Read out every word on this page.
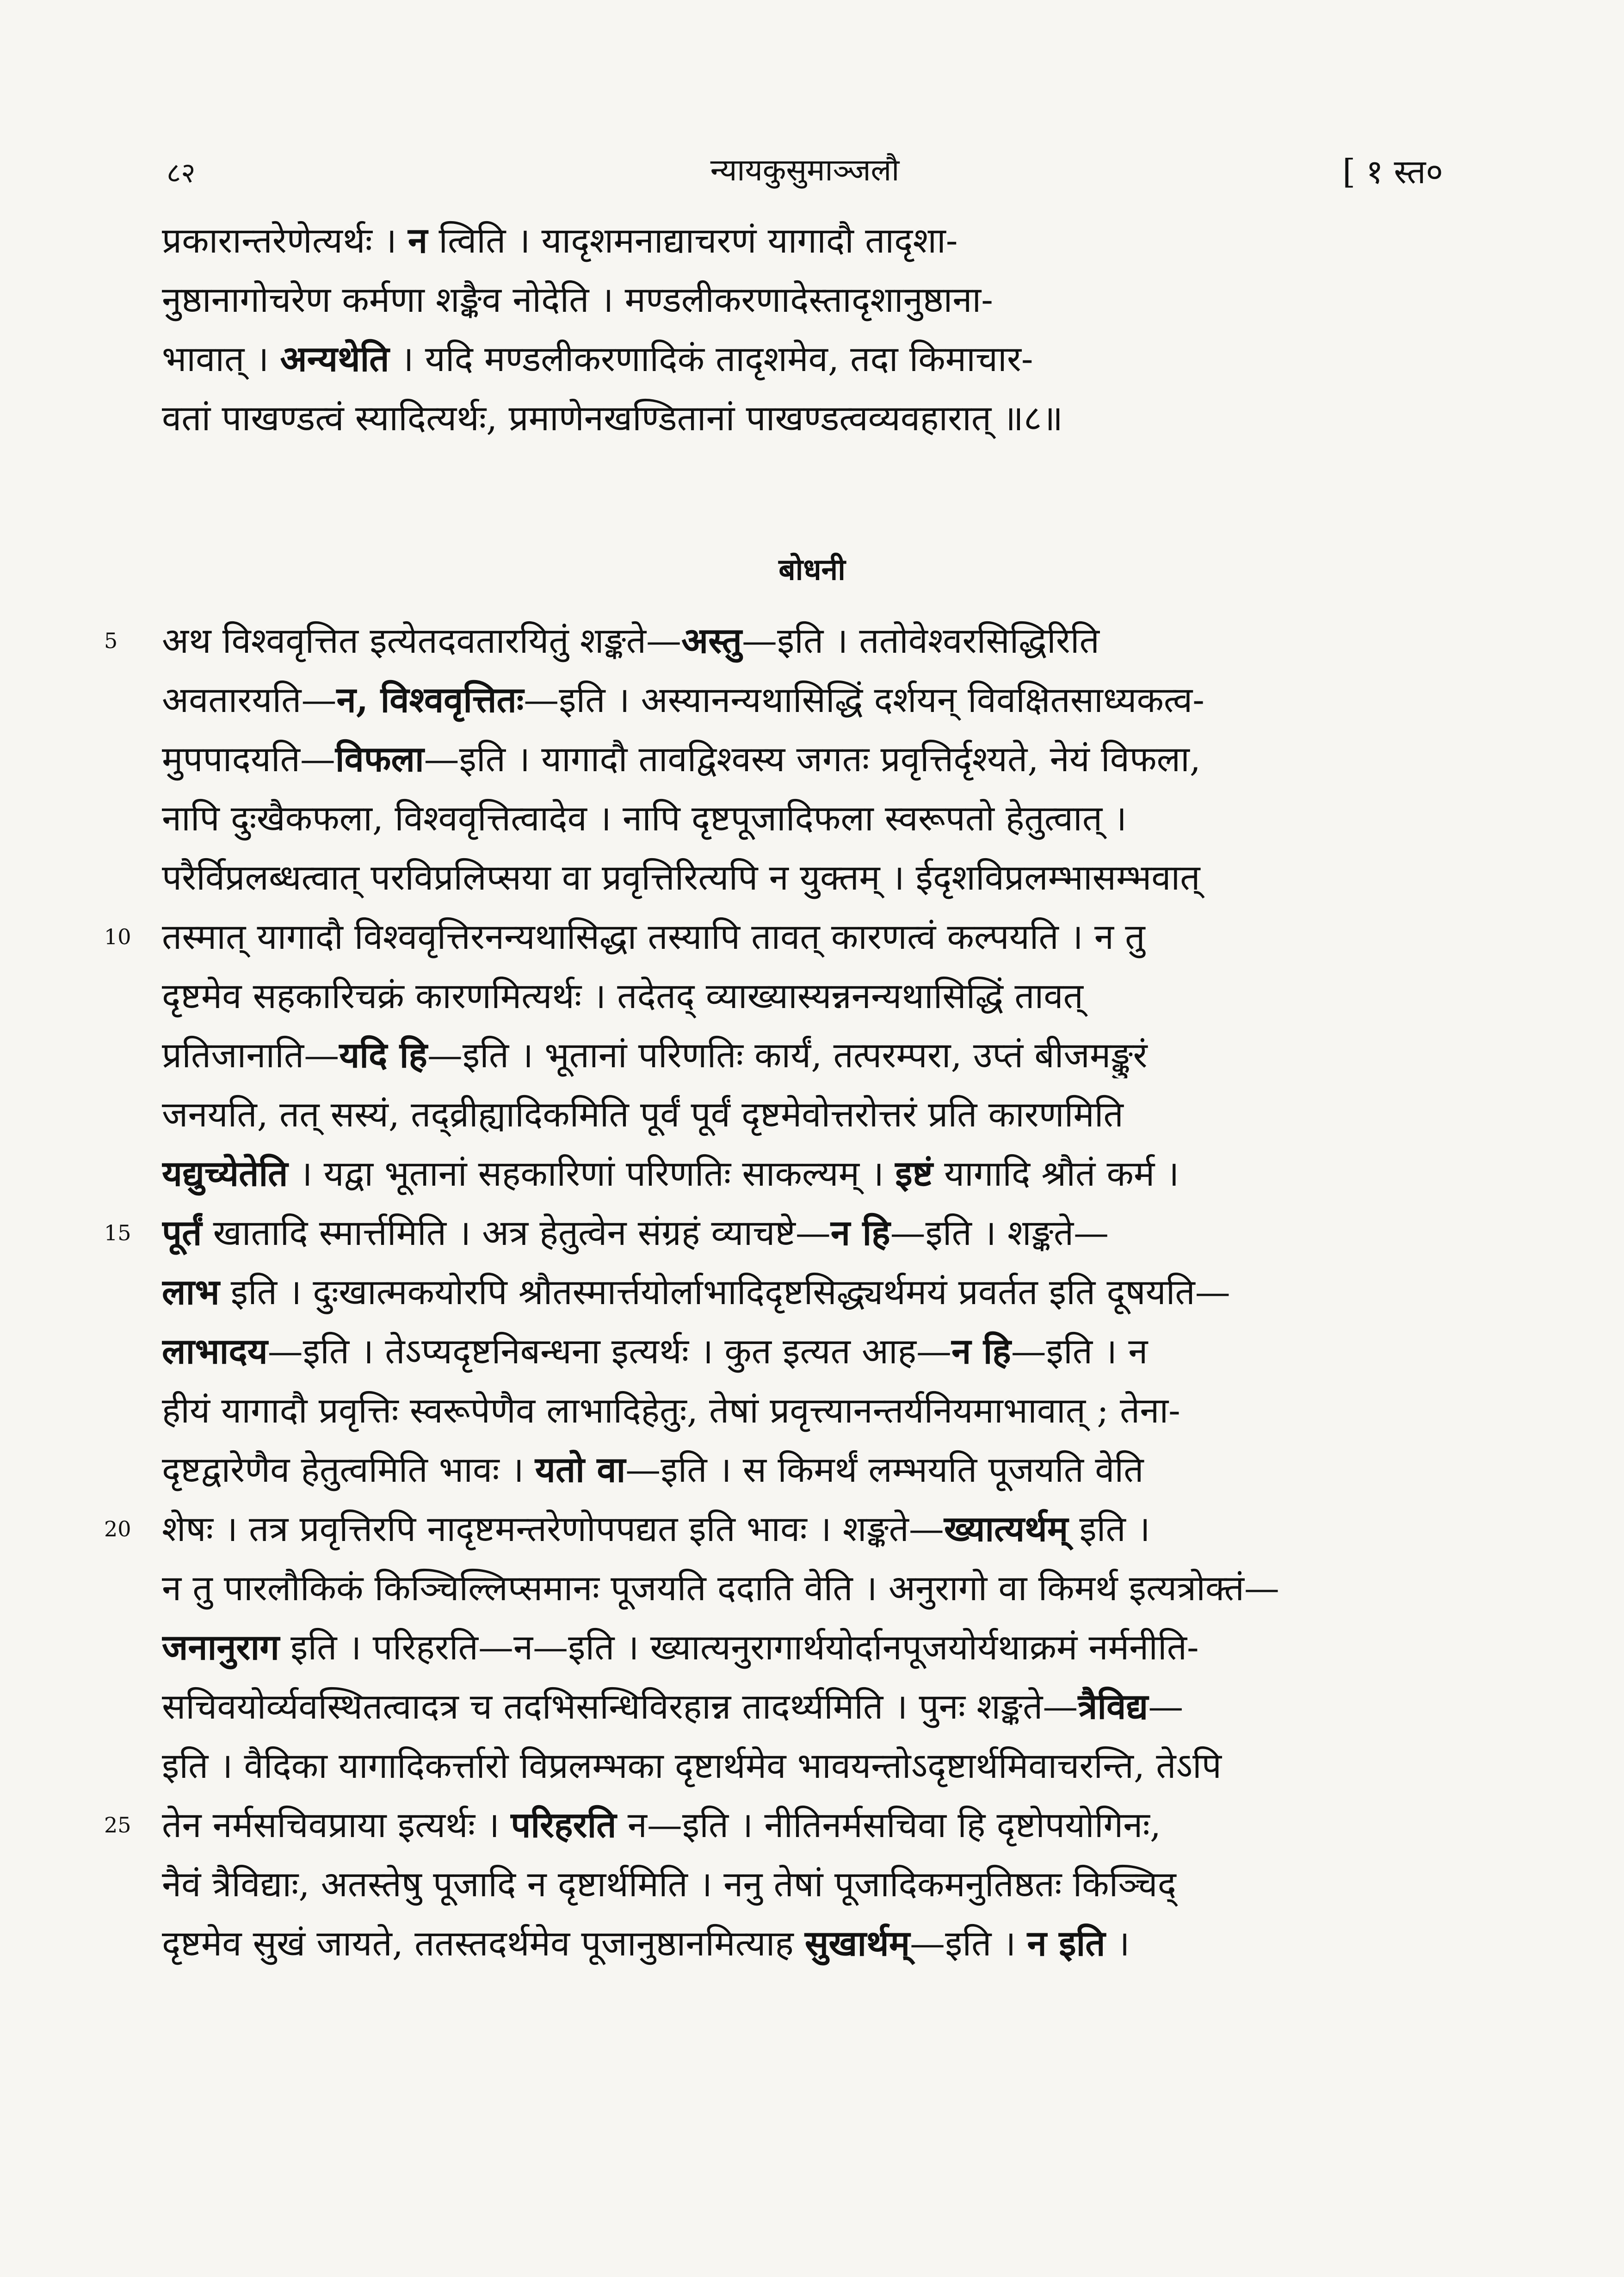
८२	न्यायकुसुमाञ्जलौ	[ १ स्त०
प्रकारान्तरेणेत्यर्थः । न त्विति । यादृशमनाद्याचरणं यागादौ तादृशा-
नुष्ठानागोचरेण कर्मणा शङ्कैव नोदेति । मण्डलीकरणादेस्तादृशानुष्ठाना-
भावात् । अन्यथेति । यदि मण्डलीकरणादिकं तादृशमेव, तदा किमाचार-
वतां पाखण्डत्वं स्यादित्यर्थः, प्रमाणेनखण्डितानां पाखण्डत्वव्यवहारात् ॥८॥
बोधनी
5	अथ विश्ववृत्तित इत्येतदवतारयितुं शङ्कते—अस्तु—इति । ततोवेश्वरसिद्धिरिति
अवतारयति—न, विश्ववृत्तितः—इति । अस्यानन्यथासिद्धिं दर्शयन् विवक्षितसाध्यकत्व-
मुपपादयति—विफला—इति । यागादौ तावद्विश्वस्य जगतः प्रवृत्तिर्दृश्यते, नेयं विफला,
नापि दुःखैकफला, विश्ववृत्तित्वादेव । नापि दृष्टपूजादिफला स्वरूपतो हेतुत्वात् ।
परैर्विप्रलब्धत्वात् परविप्रलिप्सया वा प्रवृत्तिरित्यपि न युक्तम् । ईदृशविप्रलम्भासम्भवात्
10 तस्मात् यागादौ विश्ववृत्तिरनन्यथासिद्धा तस्यापि तावत् कारणत्वं कल्पयति । न तु
दृष्टमेव सहकारिचक्रं कारणमित्यर्थः । तदेतद् व्याख्यास्यन्ननन्यथासिद्धिं तावत्
प्रतिजानाति—यदि हि—इति । भूतानां परिणतिः कार्यं, तत्परम्परा, उप्तं बीजमङ्कुरं
जनयति, तत् सस्यं, तद्व्रीह्यादिकमिति पूर्वं पूर्वं दृष्टमेवोत्तरोत्तरं प्रति कारणमिति
यद्युच्येतेति । यद्वा भूतानां सहकारिणां परिणतिः साकल्यम् । इष्टं यागादि श्रौतं कर्म ।
15 पूर्तं खातादि स्मार्त्तमिति । अत्र हेतुत्वेन संग्रहं व्याचष्टे—न हि—इति । शङ्कते—
लाभ इति । दुःखात्मकयोरपि श्रौतस्मार्त्तयोर्लाभादिदृष्टसिद्ध्यर्थमयं प्रवर्तत इति दूषयति—
लाभादय—इति । तेऽप्यदृष्टनिबन्धना इत्यर्थः । कुत इत्यत आह—न हि—इति । न
हीयं यागादौ प्रवृत्तिः स्वरूपेणैव लाभादिहेतुः, तेषां प्रवृत्त्यानन्तर्यनियमाभावात् ; तेना-
दृष्टद्वारेणैव हेतुत्वमिति भावः । यतो वा—इति । स किमर्थं लम्भयति पूजयति वेति
20 शेषः । तत्र प्रवृत्तिरपि नादृष्टमन्तरेणोपपद्यत इति भावः । शङ्कते—ख्यात्यर्थम् इति ।
न तु पारलौकिकं किञ्चिल्लिप्समानः पूजयति ददाति वेति । अनुरागो वा किमर्थ इत्यत्रोक्तं—
जनानुराग इति । परिहरति—न—इति । ख्यात्यनुरागार्थयोर्दानपूजयोर्यथाक्रमं नर्मनीति-
सचिवयोर्व्यवस्थितत्वादत्र च तदभिसन्धिविरहान्न तादर्थ्यमिति । पुनः शङ्कते—त्रैविद्य—
इति । वैदिका यागादिकर्त्तारो विप्रलम्भका दृष्टार्थमेव भावयन्तोऽदृष्टार्थमिवाचरन्ति, तेऽपि
25 तेन नर्मसचिवप्राया इत्यर्थः । परिहरति न—इति । नीतिनर्मसचिवा हि दृष्टोपयोगिनः,
नैवं त्रैविद्याः, अतस्तेषु पूजादि न दृष्टार्थमिति । ननु तेषां पूजादिकमनुतिष्ठतः किञ्चिद्
दृष्टमेव सुखं जायते, ततस्तदर्थमेव पूजानुष्ठानमित्याह सुखार्थम्—इति । न इति ।
